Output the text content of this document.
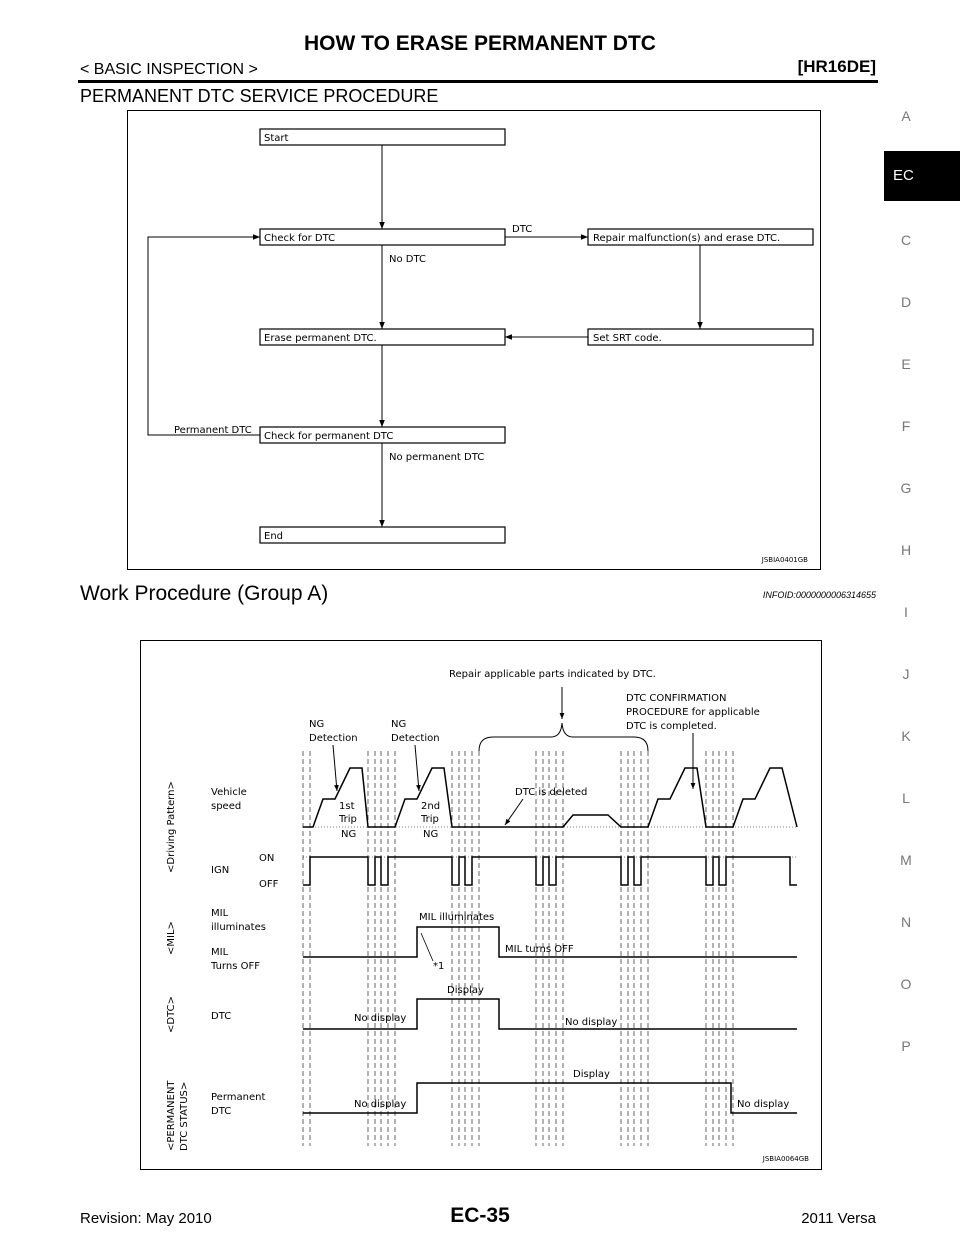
HOW TO ERASE PERMANENT DTC
< BASIC INSPECTION >	[HR16DE]
PERMANENT DTC SERVICE PROCEDURE
Start
Check for DTC	Repair malfunction(s) and erase DTC.
Erase permanent DTC.	Set SRT code.
Check for permanent DTC
End
DTC
No DTC
Permanent DTC
No permanent DTC
JSBIA0401GB
Work Procedure (Group A)	INFOID:0000000006314655
Repair applicable parts indicated by DTC.
DTC CONFIRMATION
PROCEDURE for applicable
DTC is completed.
NG
Detection
NG
Detection
<Driving Pattern>
<MIL>
<DTC>
<PERMANENT DTC STATUS>
Vehicle
speed
IGN
ON
OFF
MIL
illuminates
MIL
Turns OFF
DTC
Permanent
DTC
1st
Trip
NG
2nd
Trip
NG
DTC is deleted
MIL illuminates
MIL turns OFF
*1
Display
No display	No display
Display
No display	No display
JSBIA0064GB
A
EC
C
D
E
F
G
H
I
J
K
L
M
N
O
P
Revision: May 2010	EC-35	2011 Versa
